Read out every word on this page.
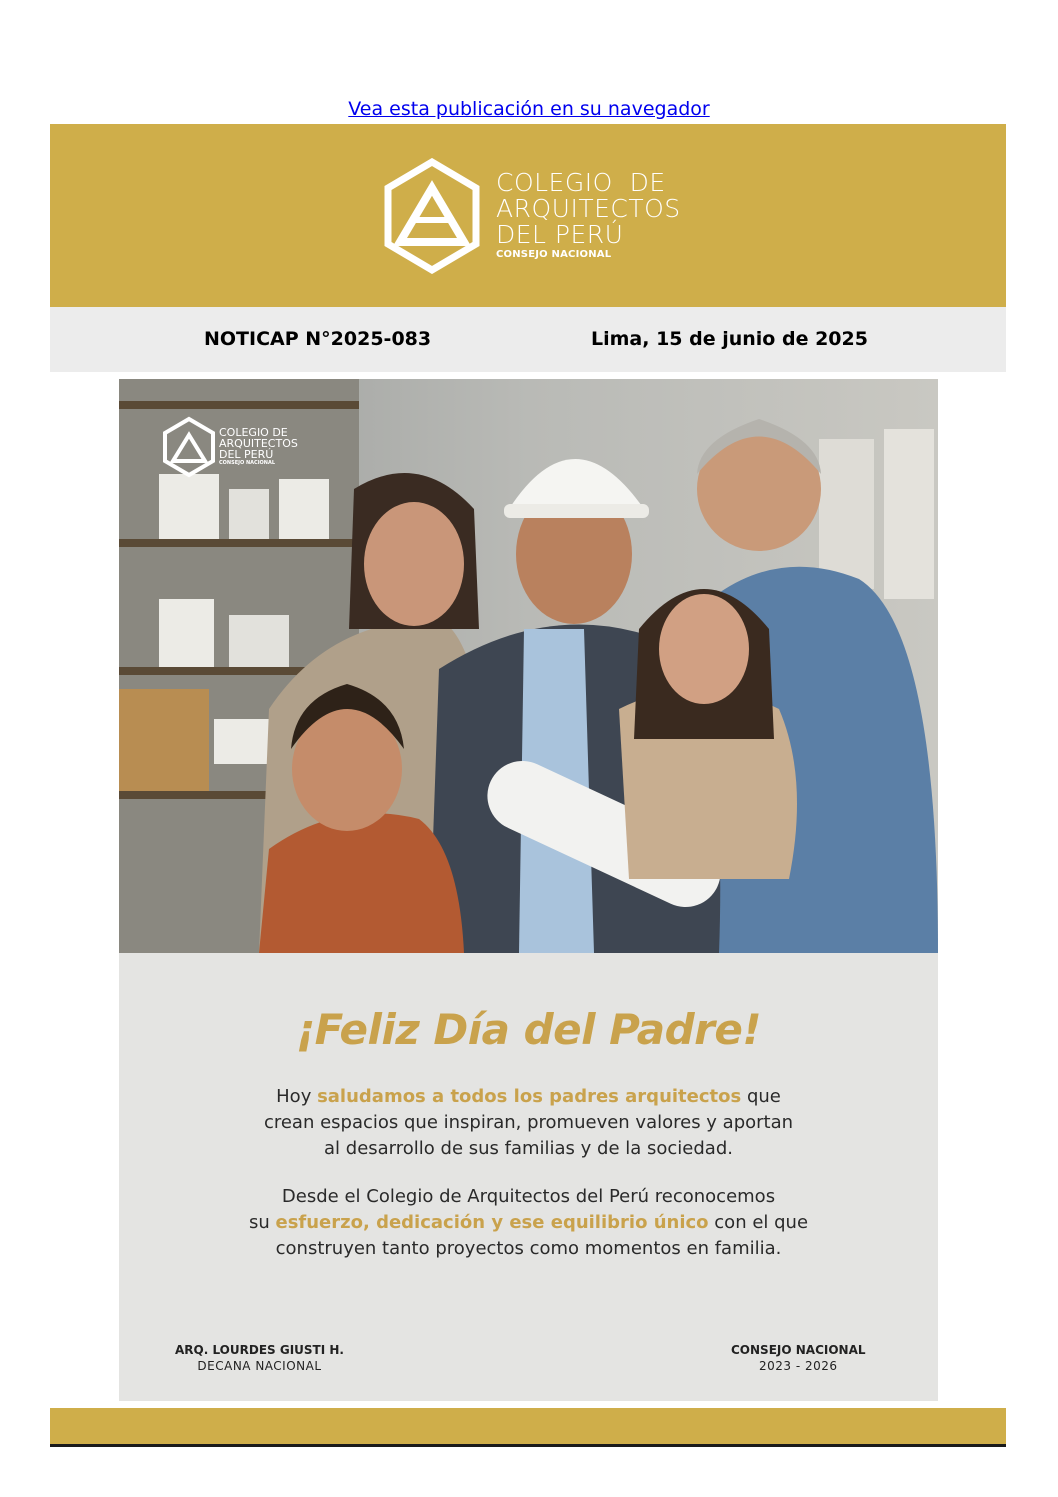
Vea esta publicación en su navegador
COLEGIO  DE
ARQUITECTOS
DEL PERÚ
CONSEJO NACIONAL
NOTICAP N°2025-083	Lima, 15 de junio de 2025
COLEGIO DE
ARQUITECTOS
DEL PERÚ
CONSEJO NACIONAL
¡Feliz Día del Padre!
Hoy saludamos a todos los padres arquitectos que
crean espacios que inspiran, promueven valores y aportan
al desarrollo de sus familias y de la sociedad.
Desde el Colegio de Arquitectos del Perú reconocemos
su esfuerzo, dedicación y ese equilibrio único con el que
construyen tanto proyectos como momentos en familia.
ARQ. LOURDES GIUSTI H.
DECANA NACIONAL
CONSEJO NACIONAL
2023 - 2026
